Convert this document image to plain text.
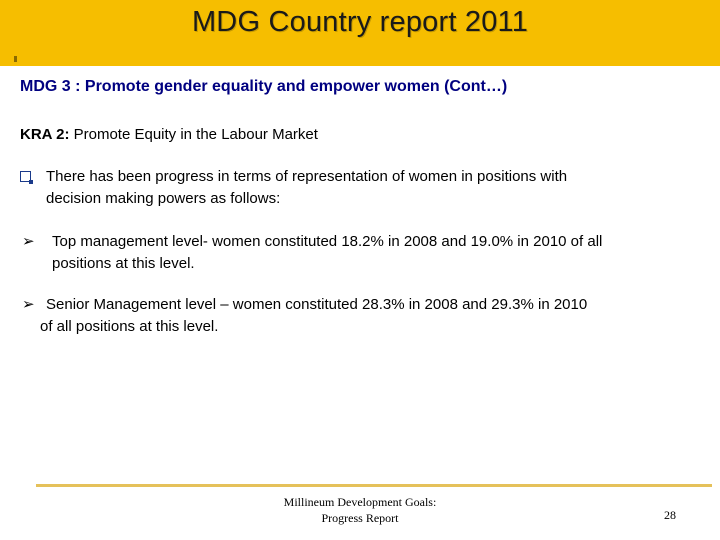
MDG Country report 2011
MDG 3 : Promote gender equality and empower women (Cont…)
KRA 2: Promote Equity in the Labour Market
There has been progress in terms of representation of women in positions with
decision making powers as follows:
➢ Top management level- women constituted 18.2% in 2008 and 19.0% in 2010 of all
positions at this level.
➢ Senior Management level – women constituted 28.3% in 2008 and 29.3% in 2010
of all positions at this level.
Millineum Development Goals:
Progress Report	28
